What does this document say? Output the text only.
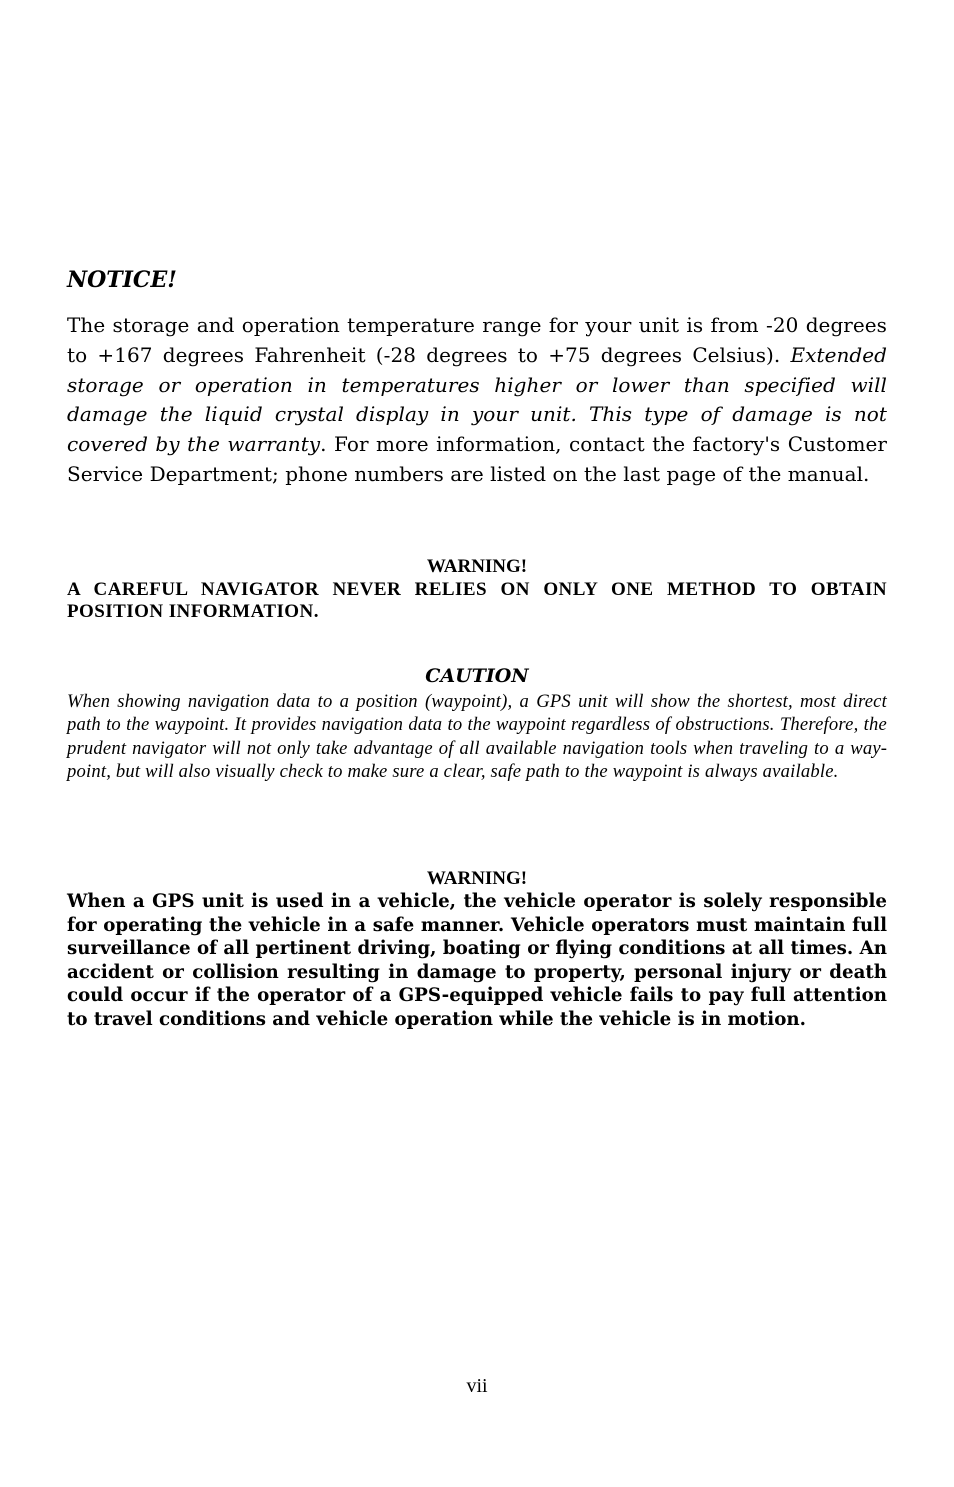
NOTICE!

The storage and operation temperature range for your unit is from -20 degrees to +167 degrees Fahrenheit (-28 degrees to +75 degrees Celsius). Extended storage or operation in temperatures higher or lower than specified will damage the liquid crystal display in your unit. This type of damage is not covered by the warranty. For more information, contact the factory's Customer Service Department; phone numbers are listed on the last page of the manual.

WARNING!

A CAREFUL NAVIGATOR NEVER RELIES ON ONLY ONE METHOD TO OBTAIN POSITION INFORMATION.

CAUTION

When showing navigation data to a position (waypoint), a GPS unit will show the shortest, most direct path to the waypoint. It provides navigation data to the waypoint regardless of obstructions. Therefore, the prudent navigator will not only take advantage of all available navigation tools when traveling to a waypoint, but will also visually check to make sure a clear, safe path to the waypoint is always available.

WARNING!

When a GPS unit is used in a vehicle, the vehicle operator is solely responsible for operating the vehicle in a safe manner. Vehicle operators must maintain full surveillance of all pertinent driving, boating or flying conditions at all times. An accident or collision resulting in damage to property, personal injury or death could occur if the operator of a GPS-equipped vehicle fails to pay full attention to travel conditions and vehicle operation while the vehicle is in motion.

vii
